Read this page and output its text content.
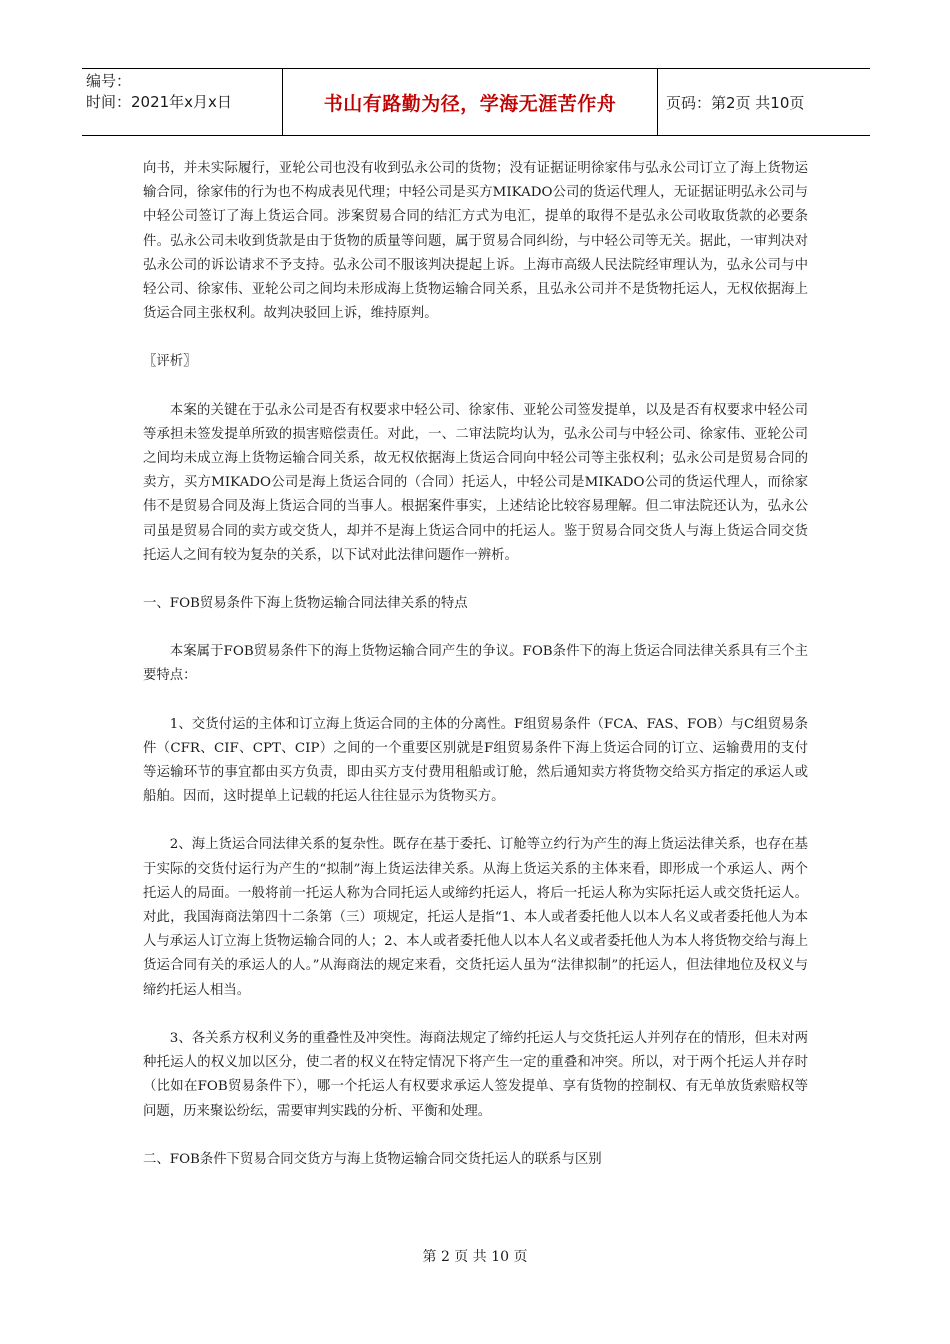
编号：
时间：2021年x月x日	书山有路勤为径，学海无涯苦作舟	页码：第2页 共10页

向书，并未实际履行，亚轮公司也没有收到弘永公司的货物；没有证据证明徐家伟与弘永公司订立了海上货物运输合同，徐家伟的行为也不构成表见代理；中轻公司是买方MIKADO公司的货运代理人，无证据证明弘永公司与中轻公司签订了海上货运合同。涉案贸易合同的结汇方式为电汇，提单的取得不是弘永公司收取货款的必要条件。弘永公司未收到货款是由于货物的质量等问题，属于贸易合同纠纷，与中轻公司等无关。据此，一审判决对弘永公司的诉讼请求不予支持。弘永公司不服该判决提起上诉。上海市高级人民法院经审理认为，弘永公司与中轻公司、徐家伟、亚轮公司之间均未形成海上货物运输合同关系，且弘永公司并不是货物托运人，无权依据海上货运合同主张权利。故判决驳回上诉，维持原判。

〖评析〗

本案的关键在于弘永公司是否有权要求中轻公司、徐家伟、亚轮公司签发提单，以及是否有权要求中轻公司等承担未签发提单所致的损害赔偿责任。对此，一、二审法院均认为，弘永公司与中轻公司、徐家伟、亚轮公司之间均未成立海上货物运输合同关系，故无权依据海上货运合同向中轻公司等主张权利；弘永公司是贸易合同的卖方，买方MIKADO公司是海上货运合同的（合同）托运人，中轻公司是MIKADO公司的货运代理人，而徐家伟不是贸易合同及海上货运合同的当事人。根据案件事实，上述结论比较容易理解。但二审法院还认为，弘永公司虽是贸易合同的卖方或交货人，却并不是海上货运合同中的托运人。鉴于贸易合同交货人与海上货运合同交货托运人之间有较为复杂的关系，以下试对此法律问题作一辨析。

一、FOB贸易条件下海上货物运输合同法律关系的特点

本案属于FOB贸易条件下的海上货物运输合同产生的争议。FOB条件下的海上货运合同法律关系具有三个主要特点：

1、交货付运的主体和订立海上货运合同的主体的分离性。F组贸易条件（FCA、FAS、FOB）与C组贸易条件（CFR、CIF、CPT、CIP）之间的一个重要区别就是F组贸易条件下海上货运合同的订立、运输费用的支付等运输环节的事宜都由买方负责，即由买方支付费用租船或订舱，然后通知卖方将货物交给买方指定的承运人或船舶。因而，这时提单上记载的托运人往往显示为货物买方。

2、海上货运合同法律关系的复杂性。既存在基于委托、订舱等立约行为产生的海上货运法律关系，也存在基于实际的交货付运行为产生的“拟制”海上货运法律关系。从海上货运关系的主体来看，即形成一个承运人、两个托运人的局面。一般将前一托运人称为合同托运人或缔约托运人，将后一托运人称为实际托运人或交货托运人。对此，我国海商法第四十二条第（三）项规定，托运人是指“1、本人或者委托他人以本人名义或者委托他人为本人与承运人订立海上货物运输合同的人；2、本人或者委托他人以本人名义或者委托他人为本人将货物交给与海上货运合同有关的承运人的人。”从海商法的规定来看，交货托运人虽为“法律拟制”的托运人，但法律地位及权义与缔约托运人相当。

3、各关系方权利义务的重叠性及冲突性。海商法规定了缔约托运人与交货托运人并列存在的情形，但未对两种托运人的权义加以区分，使二者的权义在特定情况下将产生一定的重叠和冲突。所以，对于两个托运人并存时（比如在FOB贸易条件下），哪一个托运人有权要求承运人签发提单、享有货物的控制权、有无单放货索赔权等问题，历来聚讼纷纭，需要审判实践的分析、平衡和处理。

二、FOB条件下贸易合同交货方与海上货物运输合同交货托运人的联系与区别

第 2 页 共 10 页
